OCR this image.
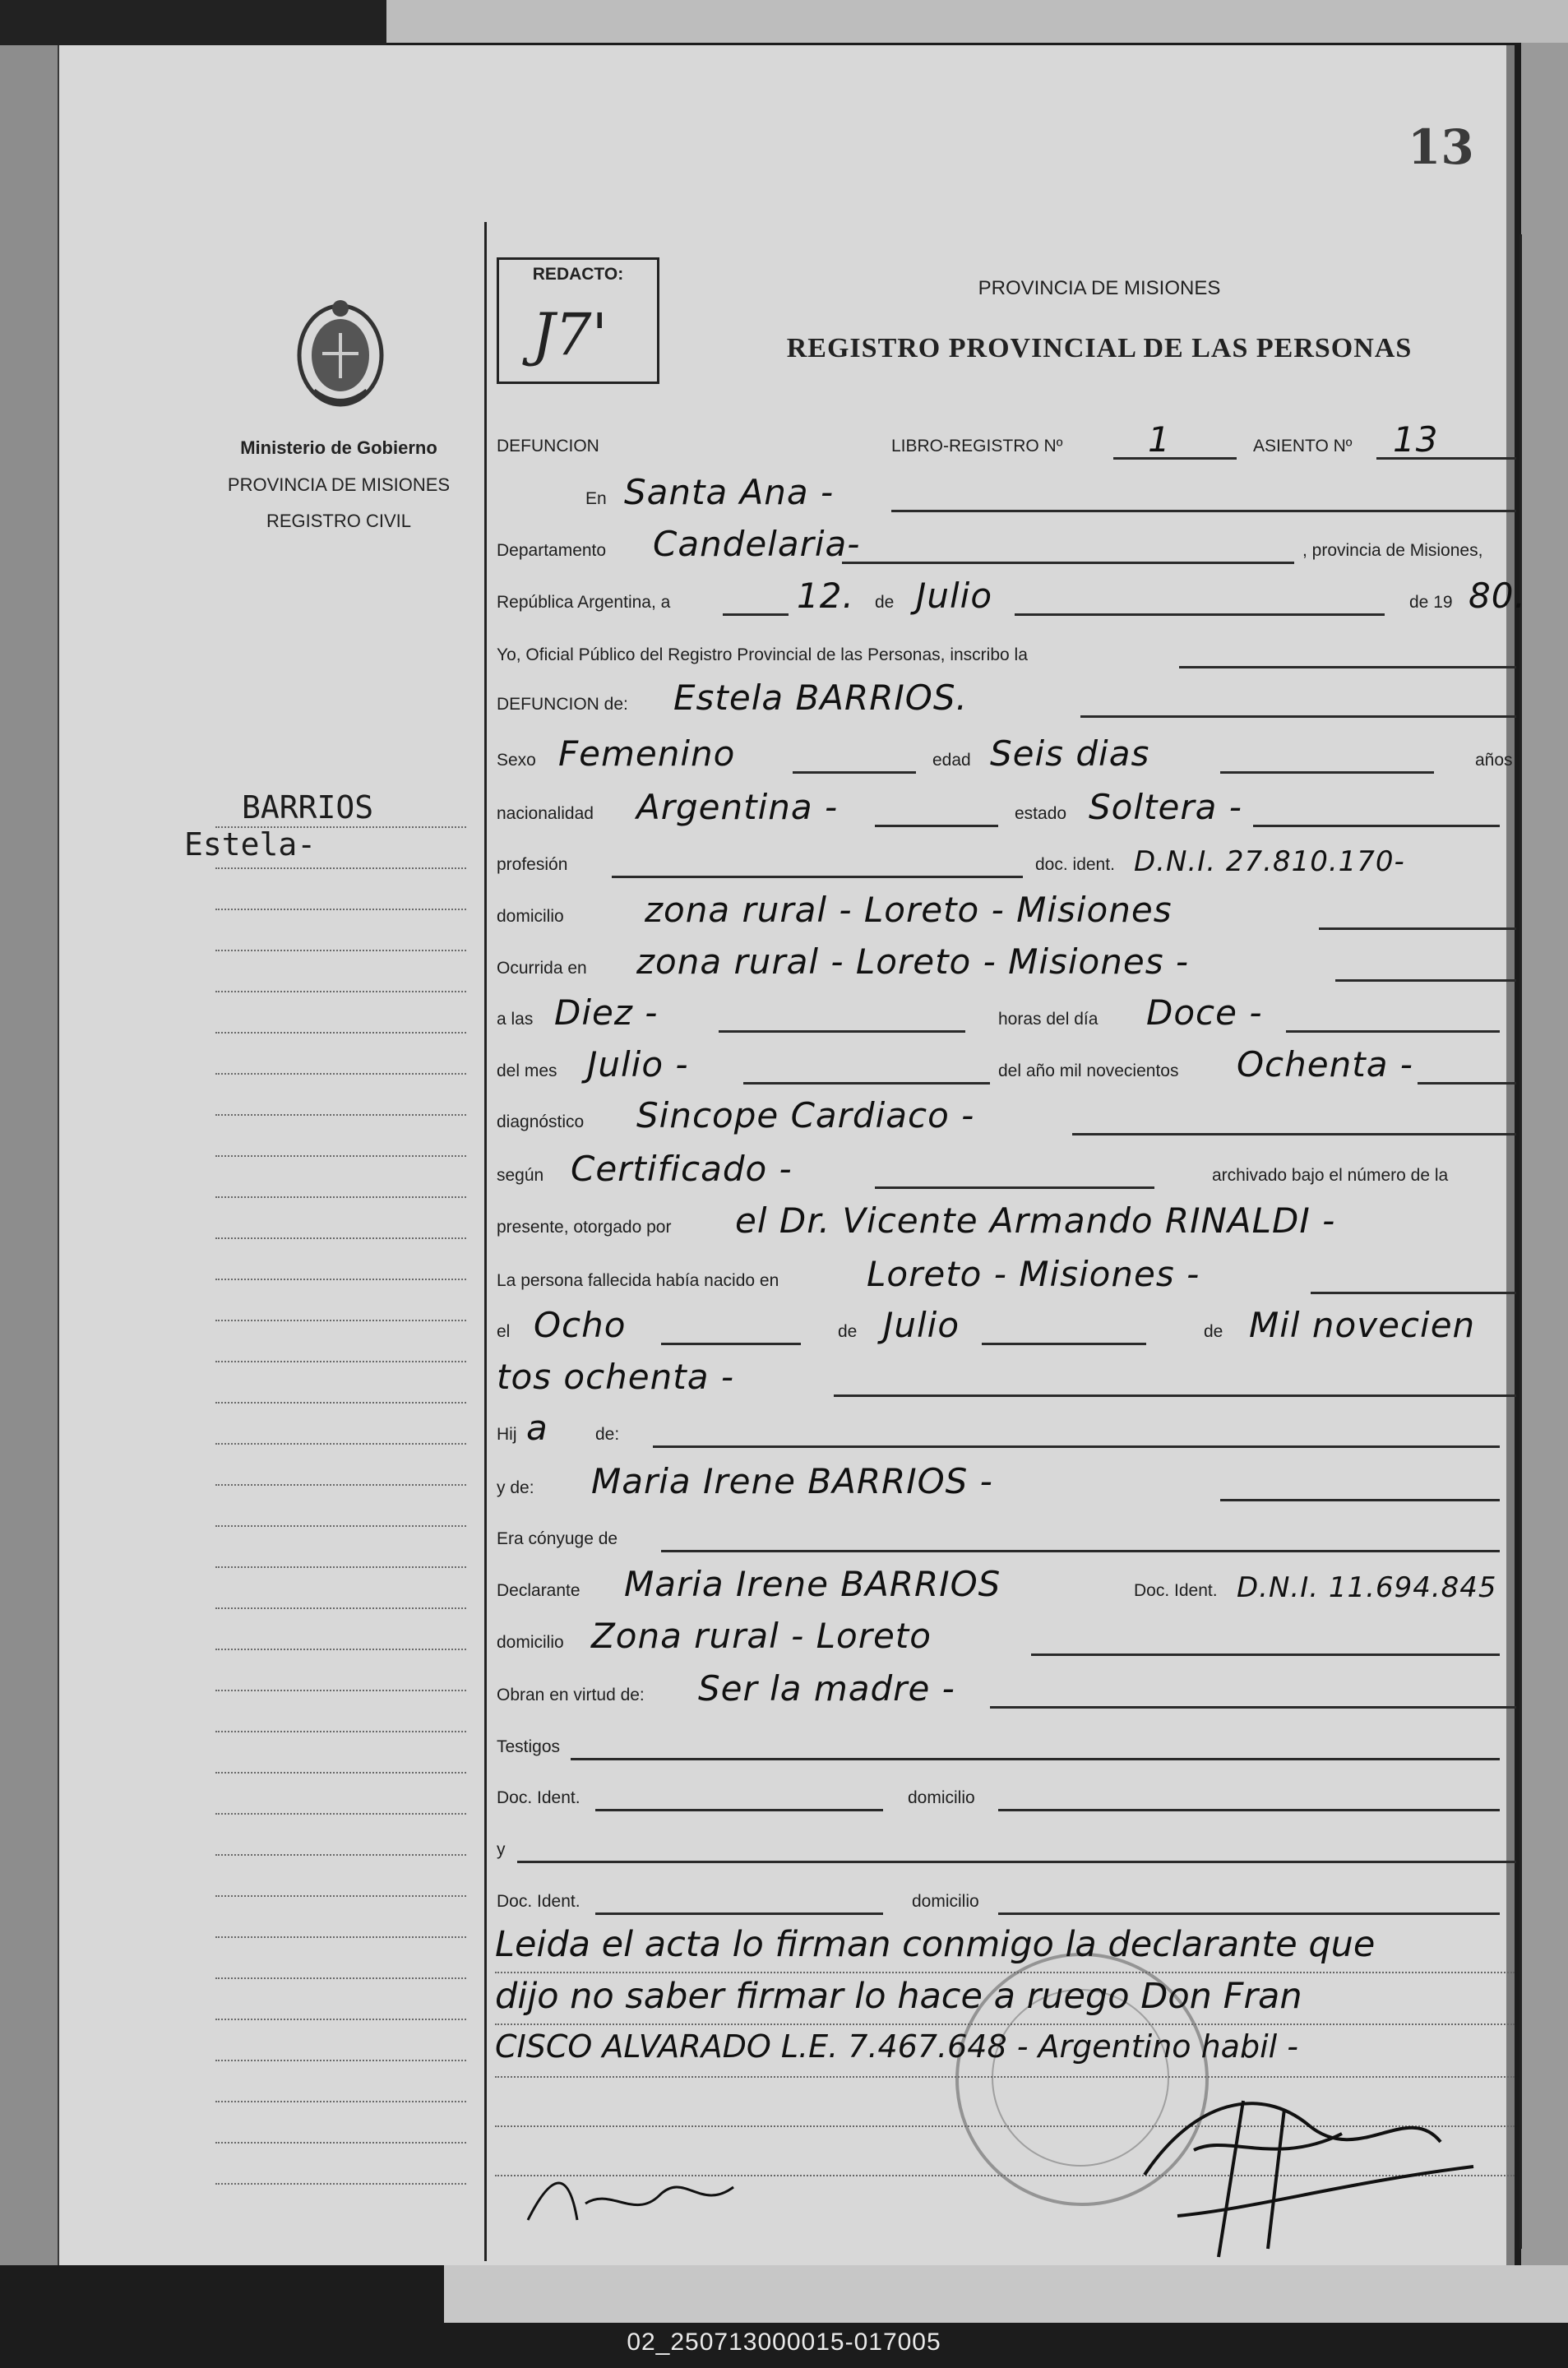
13
Ministerio de Gobierno
PROVINCIA DE MISIONES
REGISTRO CIVIL
BARRIOS
Estela-
REDACTO:
J7'
PROVINCIA DE MISIONES
REGISTRO PROVINCIAL DE LAS PERSONAS
DEFUNCION	LIBRO-REGISTRO Nº 1	ASIENTO Nº 13
En Santa Ana -
Departamento Candelaria-	, provincia de Misiones,
República Argentina, a	12. de Julio	de 19 80.
Yo, Oficial Público del Registro Provincial de las Personas, inscribo la
DEFUNCION de: Estela BARRIOS.
Sexo Femenino	edad Seis dias	años
nacionalidad Argentina -	estado Soltera -
profesión	doc. ident. D.N.I. 27.810.170-
domicilio zona rural - Loreto - Misiones
Ocurrida en zona rural - Loreto - Misiones -
a las Diez -	horas del día Doce -
del mes Julio -	del año mil novecientos Ochenta -
diagnóstico Sincope Cardiaco -
según Certificado -	archivado bajo el número de la
presente, otorgado por el Dr. Vicente Armando RINALDI -
La persona fallecida había nacido en	Loreto - Misiones -
el Ocho	de Julio	de Mil novecien
tos ochenta -
Hij a	de:
y de: Maria Irene BARRIOS -
Era cónyuge de
Declarante Maria Irene BARRIOS	Doc. Ident. D.N.I. 11.694.845
domicilio Zona rural - Loreto
Obran en virtud de: Ser la madre -
Testigos
Doc. Ident.	domicilio
y
Doc. Ident.	domicilio
Leida el acta lo firman conmigo la declarante que
dijo no saber firmar lo hace a ruego Don Fran
CISCO ALVARADO L.E. 7.467.648 - Argentino habil -
02_250713000015-017005
